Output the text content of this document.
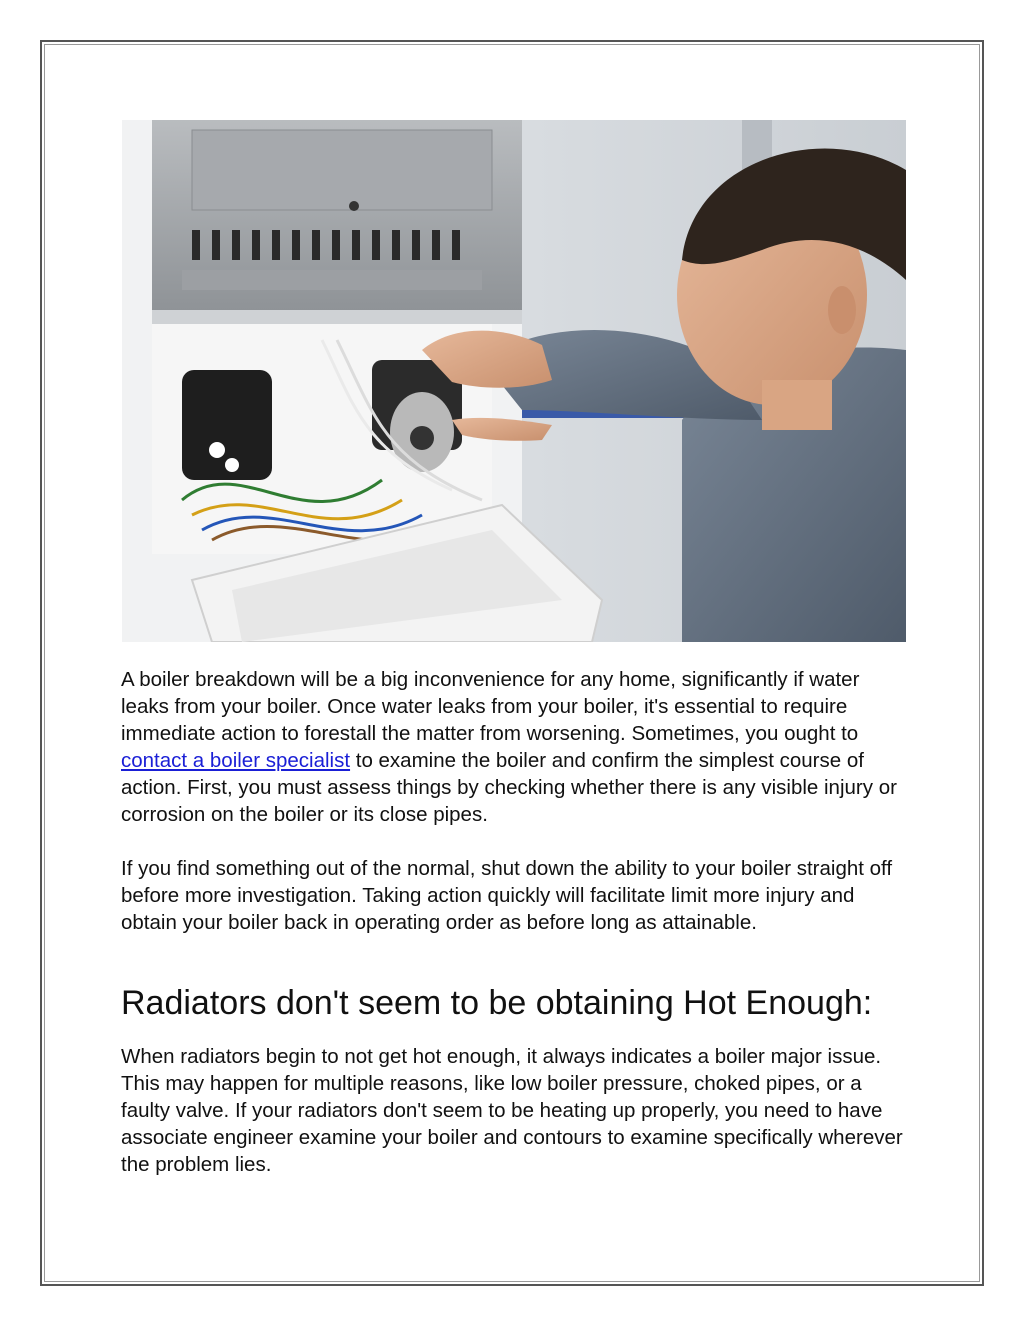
A boiler breakdown will be a big inconvenience for any home, significantly if water leaks from your boiler. Once water leaks from your boiler, it's essential to require immediate action to forestall the matter from worsening. Sometimes, you ought to contact a boiler specialist to examine the boiler and confirm the simplest course of action. First, you must assess things by checking whether there is any visible injury or corrosion on the boiler or its close pipes.

If you find something out of the normal, shut down the ability to your boiler straight off before more investigation. Taking action quickly will facilitate limit more injury and obtain your boiler back in operating order as before long as attainable.

Radiators don't seem to be obtaining Hot Enough:

When radiators begin to not get hot enough, it always indicates a boiler major issue. This may happen for multiple reasons, like low boiler pressure, choked pipes, or a faulty valve. If your radiators don't seem to be heating up properly, you need to have associate engineer examine your boiler and contours to examine specifically wherever the problem lies.
